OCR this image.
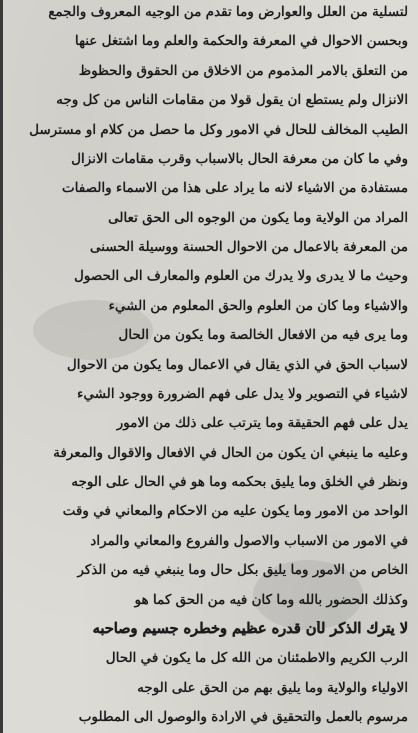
لتسلية من العلل والعوارض وما تقدم من الوجيه المعروف والجمع
وبحسن الاحوال في المعرفة والحكمة والعلم وما اشتغل عنها
من التعلق بالامر المذموم من الاخلاق من الحقوق والحظوظ
الانزال ولم يستطع ان يقول قولا من مقامات الناس من كل وجه
الطيب المخالف للحال في الامور وكل ما حصل من كلام او مسترسل
وفي ما كان من معرفة الحال بالاسباب وقرب مقامات الانزال
مستفادة من الاشياء لانه ما يراد على هذا من الاسماء والصفات
المراد من الولاية وما يكون من الوجوه الى الحق تعالى
من المعرفة بالاعمال من الاحوال الحسنة ووسيلة الحسنى
وحيث ما لا يدرى ولا يدرك من العلوم والمعارف الى الحصول
والاشياء وما كان من العلوم والحق المعلوم من الشيء
وما يرى فيه من الافعال الخالصة وما يكون من الحال
لاسباب الحق في الذي يقال في الاعمال وما يكون من الاحوال
لاشياء في التصوير ولا يدل على فهم الضرورة ووجود الشيء
يدل على فهم الحقيقة وما يترتب على ذلك من الامور
وعليه ما ينبغي ان يكون من الحال في الافعال والاقوال والمعرفة
ونظر في الخلق وما يليق بحكمه وما هو في الحال على الوجه
الواحد من الامور وما يكون عليه من الاحكام والمعاني في وقت
في الامور من الاسباب والاصول والفروع والمعاني والمراد
الخاص من الامور وما يليق بكل حال وما ينبغي فيه من الذكر
وكذلك الحضور بالله وما كان فيه من الحق كما هو
لا يترك الذكر لأن قدره عظيم وخطره جسيم وصاحبه
الرب الكريم والاطمئنان من الله كل ما يكون في الحال
الاولياء والولاية وما يليق بهم من الحق على الوجه
مرسوم بالعمل والتحقيق في الارادة والوصول الى المطلوب
